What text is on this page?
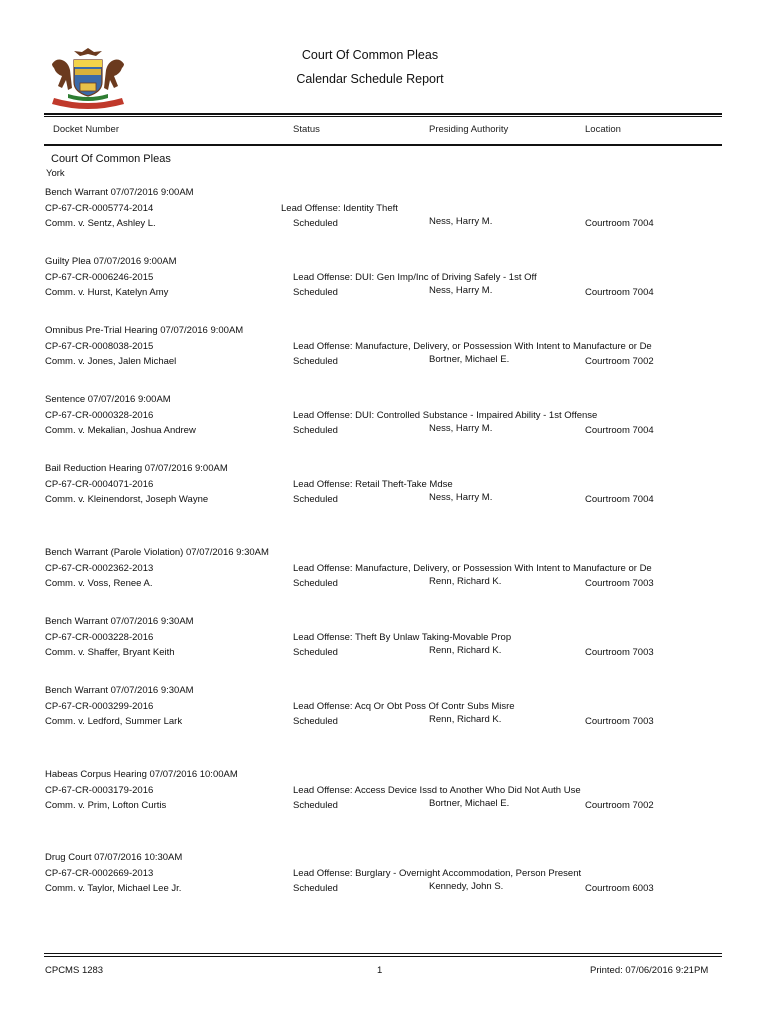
Court Of Common Pleas
Calendar Schedule Report
Docket Number	Status	Presiding Authority	Location
Court Of Common Pleas
York
Bench Warrant 07/07/2016 9:00AM
CP-67-CR-0005774-2014
Comm. v. Sentz, Ashley L.
Lead Offense: Identity Theft
Scheduled	Ness, Harry M.	Courtroom 7004
Guilty Plea 07/07/2016 9:00AM
CP-67-CR-0006246-2015
Comm. v. Hurst, Katelyn Amy
Lead Offense: DUI: Gen Imp/Inc of Driving Safely - 1st Off
Scheduled	Ness, Harry M.	Courtroom 7004
Omnibus Pre-Trial Hearing 07/07/2016 9:00AM
CP-67-CR-0008038-2015
Comm. v. Jones, Jalen Michael
Lead Offense: Manufacture, Delivery, or Possession With Intent to Manufacture or De
Scheduled	Bortner, Michael E.	Courtroom 7002
Sentence 07/07/2016 9:00AM
CP-67-CR-0000328-2016
Comm. v. Mekalian, Joshua Andrew
Lead Offense: DUI: Controlled Substance - Impaired Ability - 1st Offense
Scheduled	Ness, Harry M.	Courtroom 7004
Bail Reduction Hearing 07/07/2016 9:00AM
CP-67-CR-0004071-2016
Comm. v. Kleinendorst, Joseph Wayne
Lead Offense: Retail Theft-Take Mdse
Scheduled	Ness, Harry M.	Courtroom 7004
Bench Warrant (Parole Violation) 07/07/2016 9:30AM
CP-67-CR-0002362-2013
Comm. v. Voss, Renee A.
Lead Offense: Manufacture, Delivery, or Possession With Intent to Manufacture or De
Scheduled	Renn, Richard K.	Courtroom 7003
Bench Warrant 07/07/2016 9:30AM
CP-67-CR-0003228-2016
Comm. v. Shaffer, Bryant Keith
Lead Offense: Theft By Unlaw Taking-Movable Prop
Scheduled	Renn, Richard K.	Courtroom 7003
Bench Warrant 07/07/2016 9:30AM
CP-67-CR-0003299-2016
Comm. v. Ledford, Summer Lark
Lead Offense: Acq Or Obt Poss Of Contr Subs Misre
Scheduled	Renn, Richard K.	Courtroom 7003
Habeas Corpus Hearing 07/07/2016 10:00AM
CP-67-CR-0003179-2016
Comm. v. Prim, Lofton Curtis
Lead Offense: Access Device Issd to Another Who Did Not Auth Use
Scheduled	Bortner, Michael E.	Courtroom 7002
Drug Court 07/07/2016 10:30AM
CP-67-CR-0002669-2013
Comm. v. Taylor, Michael Lee Jr.
Lead Offense: Burglary - Overnight Accommodation, Person Present
Scheduled	Kennedy, John S.	Courtroom 6003
CPCMS 1283	1	Printed: 07/06/2016 9:21PM
